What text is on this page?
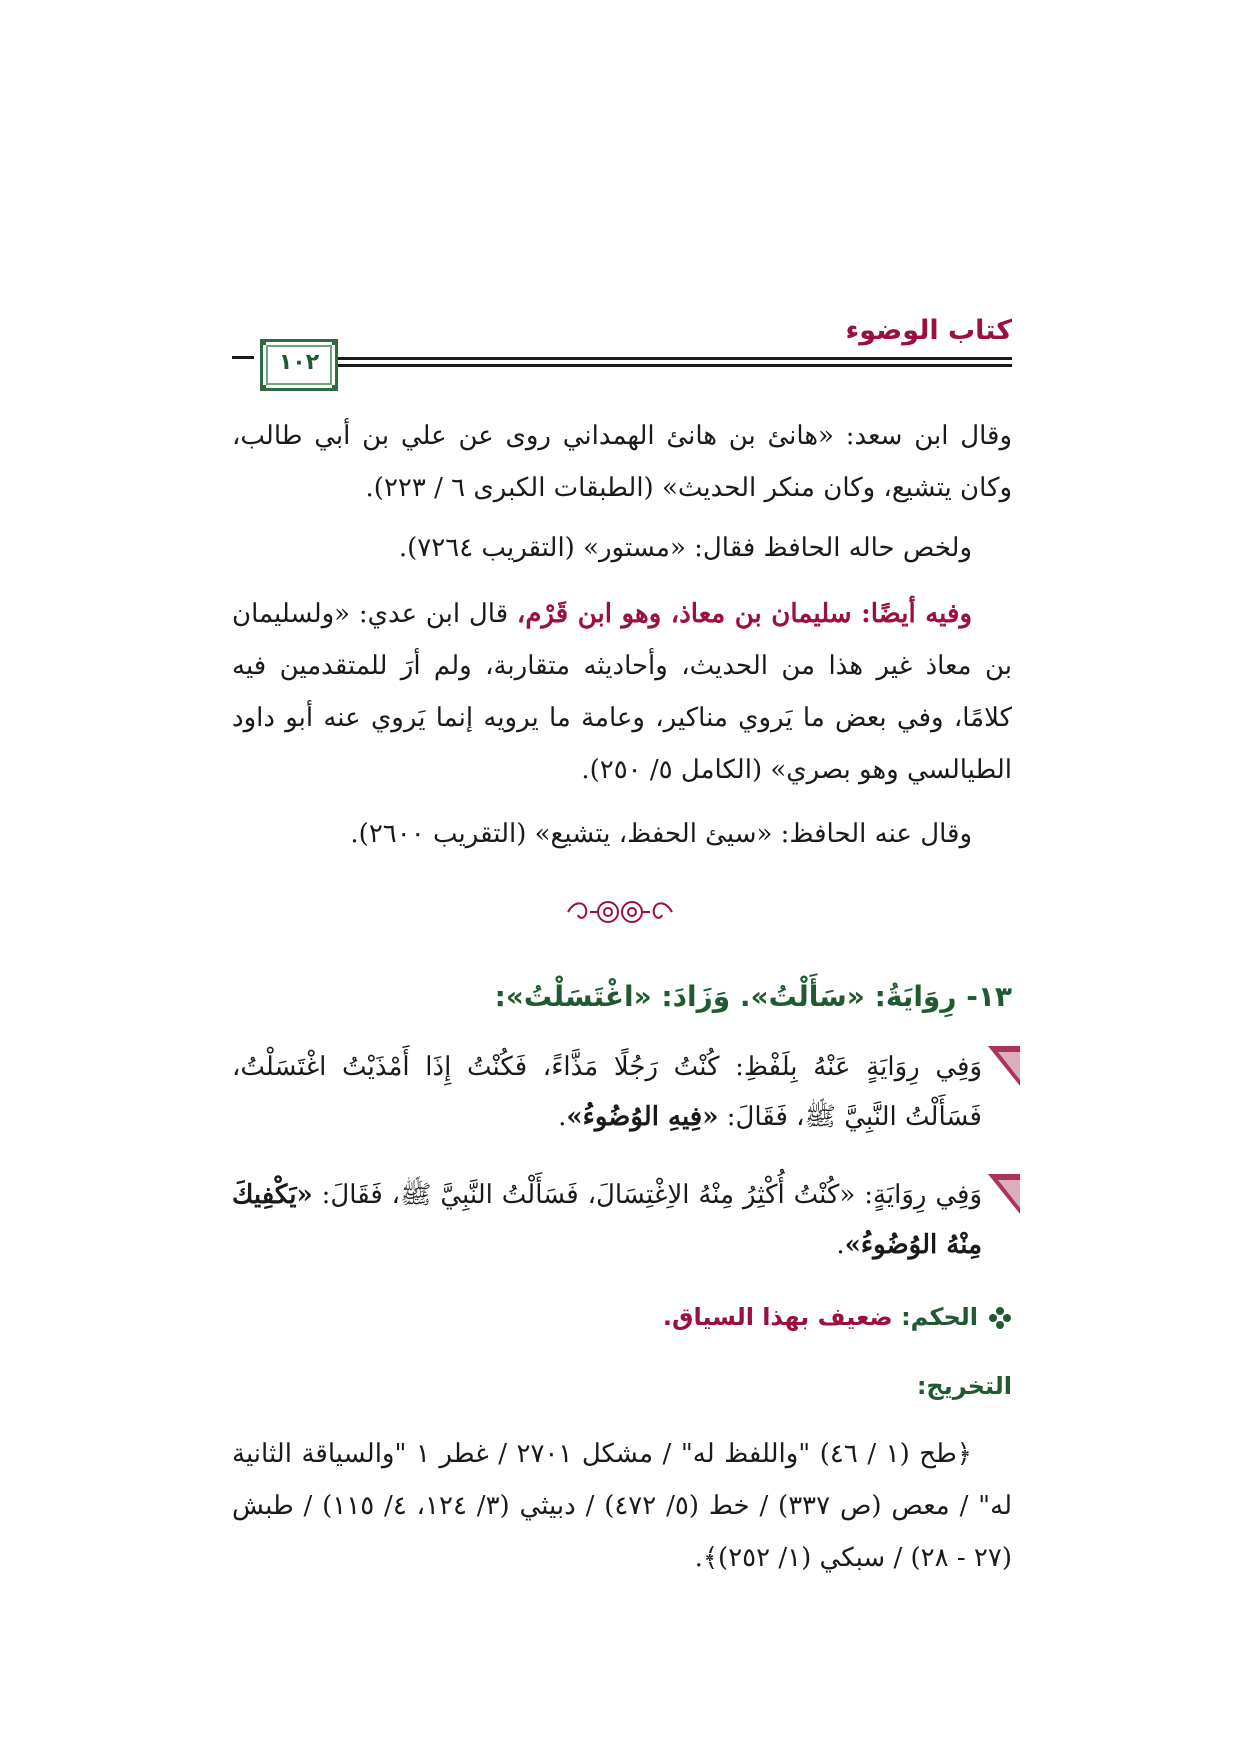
كتاب الوضوء
١٠٢
وقال ابن سعد: «هانئ بن هانئ الهمداني روى عن علي بن أبي طالب، وكان يتشيع، وكان منكر الحديث» (الطبقات الكبرى ٦ / ٢٢٣).
ولخص حاله الحافظ فقال: «مستور» (التقريب ٧٢٦٤).
وفيه أيضًا: سليمان بن معاذ، وهو ابن قَرْم، قال ابن عدي: «ولسليمان بن معاذ غير هذا من الحديث، وأحاديثه متقاربة، ولم أرَ للمتقدمين فيه كلامًا، وفي بعض ما يَروي مناكير، وعامة ما يرويه إنما يَروي عنه أبو داود الطيالسي وهو بصري» (الكامل ٥/ ٢٥٠).
وقال عنه الحافظ: «سيئ الحفظ، يتشيع» (التقريب ٢٦٠٠).
١٣- رِوَايَةُ: «سَأَلْتُ». وَزَادَ: «اغْتَسَلْتُ»:
وَفِي رِوَايَةٍ عَنْهُ بِلَفْظِ: كُنْتُ رَجُلًا مَذَّاءً، فَكُنْتُ إِذَا أَمْذَيْتُ اغْتَسَلْتُ، فَسَأَلْتُ النَّبِيَّ ﷺ، فَقَالَ: «فِيهِ الوُضُوءُ».
وَفِي رِوَايَةٍ: «كُنْتُ أُكْثِرُ مِنْهُ الاِغْتِسَالَ، فَسَأَلْتُ النَّبِيَّ ﷺ، فَقَالَ: «يَكْفِيكَ مِنْهُ الوُضُوءُ».
الحكم: ضعيف بهذا السياق.
التخريج:
﴿طح (١ / ٤٦) "واللفظ له" / مشكل ٢٧٠١ / غطر ١ "والسياقة الثانية له" / معص (ص ٣٣٧) / خط (٥/ ٤٧٢) / دبيثي (٣/ ١٢٤، ٤/ ١١٥) / طبش (٢٧ - ٢٨) / سبكي (١/ ٢٥٢)﴾.
